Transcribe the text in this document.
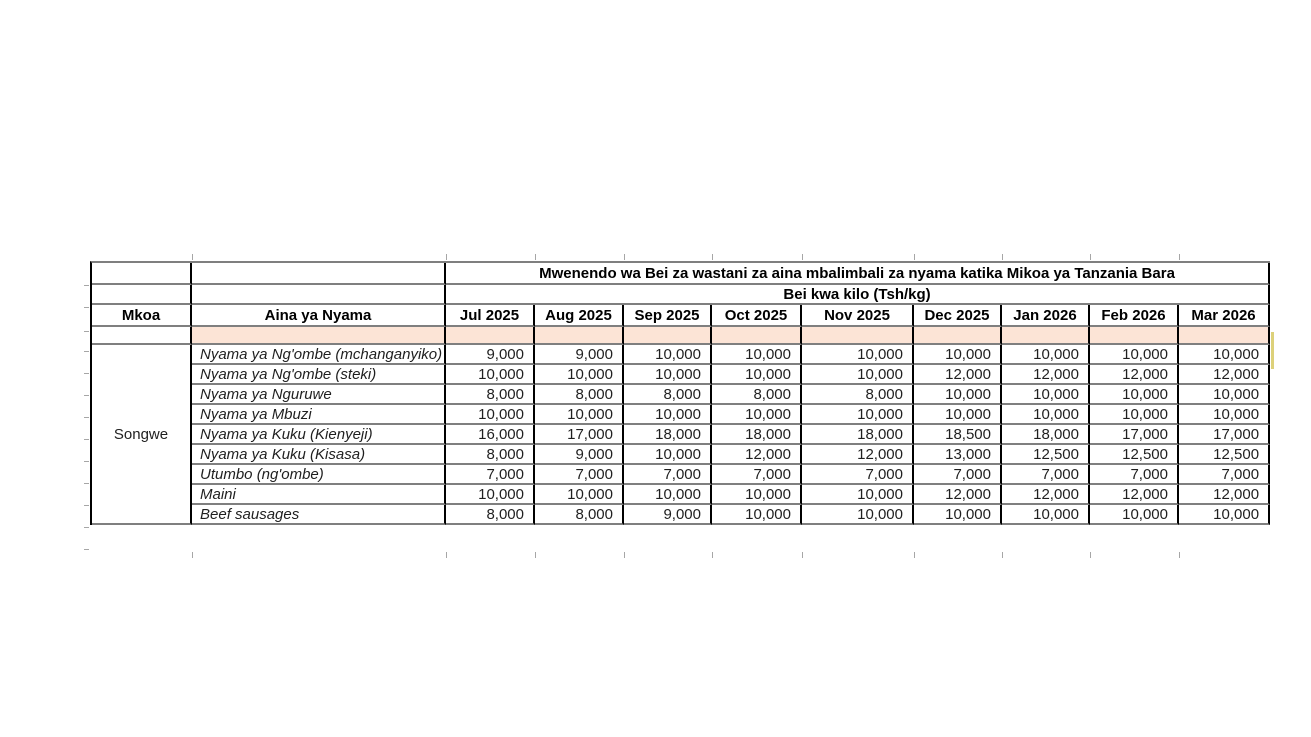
		Mwenendo wa Bei za wastani za aina mbalimbali za nyama katika Mikoa ya Tanzania Bara								
		Bei kwa kilo (Tsh/kg)								
Mkoa	Aina ya Nyama	Jul 2025	Aug 2025	Sep 2025	Oct 2025	Nov 2025	Dec 2025	Jan 2026	Feb 2026	Mar 2026

Songwe	Nyama ya Ng'ombe (mchanganyiko)	9,000	9,000	10,000	10,000	10,000	10,000	10,000	10,000	10,000
	Nyama ya Ng'ombe (steki)	10,000	10,000	10,000	10,000	10,000	12,000	12,000	12,000	12,000
	Nyama ya Nguruwe	8,000	8,000	8,000	8,000	8,000	10,000	10,000	10,000	10,000
	Nyama ya Mbuzi	10,000	10,000	10,000	10,000	10,000	10,000	10,000	10,000	10,000
	Nyama ya Kuku (Kienyeji)	16,000	17,000	18,000	18,000	18,000	18,500	18,000	17,000	17,000
	Nyama ya Kuku (Kisasa)	8,000	9,000	10,000	12,000	12,000	13,000	12,500	12,500	12,500
	Utumbo (ng'ombe)	7,000	7,000	7,000	7,000	7,000	7,000	7,000	7,000	7,000
	Maini	10,000	10,000	10,000	10,000	10,000	12,000	12,000	12,000	12,000
	Beef sausages	8,000	8,000	9,000	10,000	10,000	10,000	10,000	10,000	10,000
